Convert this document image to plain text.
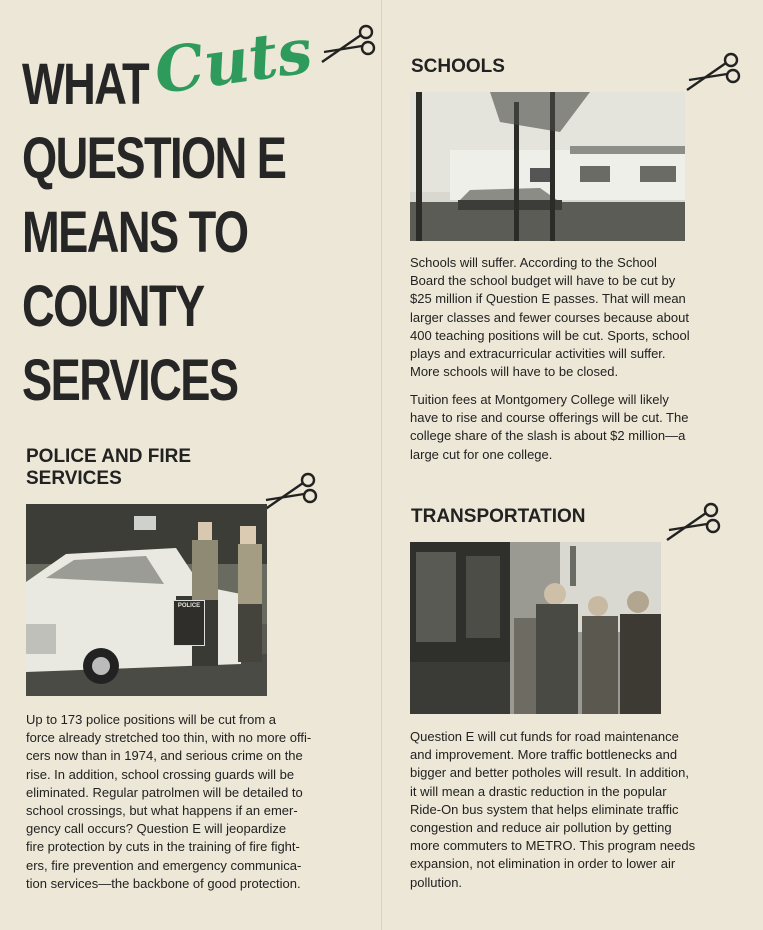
WHAT
QUESTION E
MEANS TO
COUNTY
SERVICES
Cuts
POLICE AND FIRE
SERVICES
POLICE
Up to 173 police positions will be cut from a
force already stretched too thin, with no more offi-
cers now than in 1974, and serious crime on the
rise. In addition, school crossing guards will be
eliminated. Regular patrolmen will be detailed to
school crossings, but what happens if an emer-
gency call occurs? Question E will jeopardize
fire protection by cuts in the training of fire fight-
ers, fire prevention and emergency communica-
tion services—the backbone of good protection.
SCHOOLS
Schools will suffer. According to the School
Board the school budget will have to be cut by
$25 million if Question E passes. That will mean
larger classes and fewer courses because about
400 teaching positions will be cut. Sports, school
plays and extracurricular activities will suffer.
More schools will have to be closed.
Tuition fees at Montgomery College will likely
have to rise and course offerings will be cut. The
college share of the slash is about $2 million—a
large cut for one college.
TRANSPORTATION
Question E will cut funds for road maintenance
and improvement. More traffic bottlenecks and
bigger and better potholes will result. In addition,
it will mean a drastic reduction in the popular
Ride-On bus system that helps eliminate traffic
congestion and reduce air pollution by getting
more commuters to METRO. This program needs
expansion, not elimination in order to lower air
pollution.
